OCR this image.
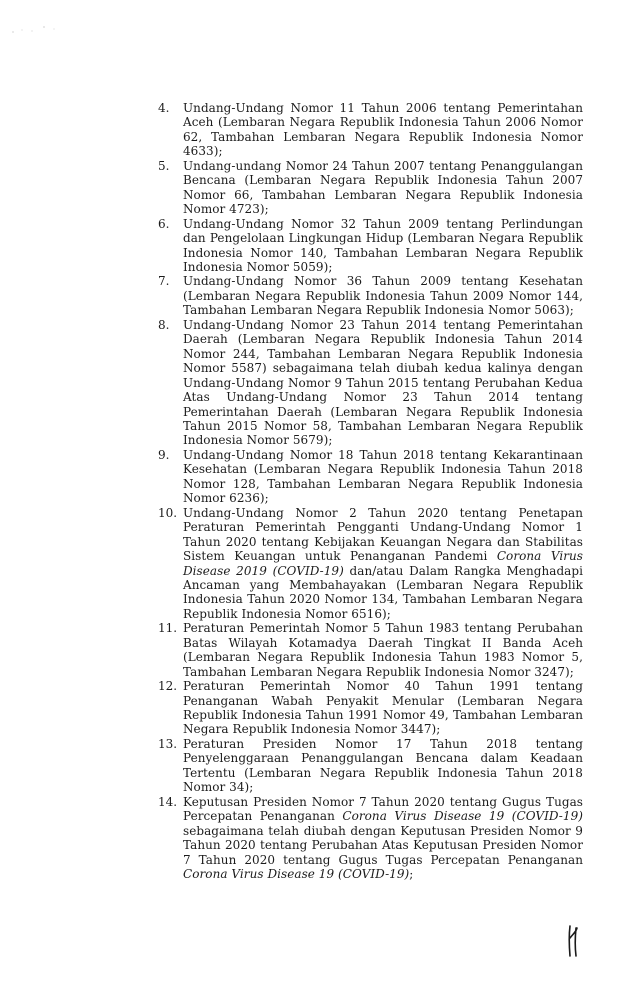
4.	Undang-Undang Nomor 11 Tahun 2006 tentang Pemerintahan Aceh (Lembaran Negara Republik Indonesia Tahun 2006 Nomor 62, Tambahan Lembaran Negara Republik Indonesia Nomor 4633);
5.	Undang-undang Nomor 24 Tahun 2007 tentang Penanggulangan Bencana (Lembaran Negara Republik Indonesia Tahun 2007 Nomor 66, Tambahan Lembaran Negara Republik Indonesia Nomor 4723);
6.	Undang-Undang Nomor 32 Tahun 2009 tentang Perlindungan dan Pengelolaan Lingkungan Hidup (Lembaran Negara Republik Indonesia Nomor 140, Tambahan Lembaran Negara Republik Indonesia Nomor 5059);
7.	Undang-Undang Nomor 36 Tahun 2009 tentang Kesehatan (Lembaran Negara Republik Indonesia Tahun 2009 Nomor 144, Tambahan Lembaran Negara Republik Indonesia Nomor 5063);
8.	Undang-Undang Nomor 23 Tahun 2014 tentang Pemerintahan Daerah (Lembaran Negara Republik Indonesia Tahun 2014 Nomor 244, Tambahan Lembaran Negara Republik Indonesia Nomor 5587) sebagaimana telah diubah kedua kalinya dengan Undang-Undang Nomor 9 Tahun 2015 tentang Perubahan Kedua Atas Undang-Undang Nomor 23 Tahun 2014 tentang Pemerintahan Daerah (Lembaran Negara Republik Indonesia Tahun 2015 Nomor 58, Tambahan Lembaran Negara Republik Indonesia Nomor 5679);
9.	Undang-Undang Nomor 18 Tahun 2018 tentang Kekarantinaan Kesehatan (Lembaran Negara Republik Indonesia Tahun 2018 Nomor 128, Tambahan Lembaran Negara Republik Indonesia Nomor 6236);
10. Undang-Undang Nomor 2 Tahun 2020 tentang Penetapan Peraturan Pemerintah Pengganti Undang-Undang Nomor 1 Tahun 2020 tentang Kebijakan Keuangan Negara dan Stabilitas Sistem Keuangan untuk Penanganan Pandemi Corona Virus Disease 2019 (COVID-19) dan/atau Dalam Rangka Menghadapi Ancaman yang Membahayakan (Lembaran Negara Republik Indonesia Tahun 2020 Nomor 134, Tambahan Lembaran Negara Republik Indonesia Nomor 6516);
11. Peraturan Pemerintah Nomor 5 Tahun 1983 tentang Perubahan Batas Wilayah Kotamadya Daerah Tingkat II Banda Aceh (Lembaran Negara Republik Indonesia Tahun 1983 Nomor 5, Tambahan Lembaran Negara Republik Indonesia Nomor 3247);
12. Peraturan Pemerintah Nomor 40 Tahun 1991 tentang Penanganan Wabah Penyakit Menular (Lembaran Negara Republik Indonesia Tahun 1991 Nomor 49, Tambahan Lembaran Negara Republik Indonesia Nomor 3447);
13. Peraturan Presiden Nomor 17 Tahun 2018 tentang Penyelenggaraan Penanggulangan Bencana dalam Keadaan Tertentu (Lembaran Negara Republik Indonesia Tahun 2018 Nomor 34);
14. Keputusan Presiden Nomor 7 Tahun 2020 tentang Gugus Tugas Percepatan Penanganan Corona Virus Disease 19 (COVID-19) sebagaimana telah diubah dengan Keputusan Presiden Nomor 9 Tahun 2020 tentang Perubahan Atas Keputusan Presiden Nomor 7 Tahun 2020 tentang Gugus Tugas Percepatan Penanganan Corona Virus Disease 19 (COVID-19);
